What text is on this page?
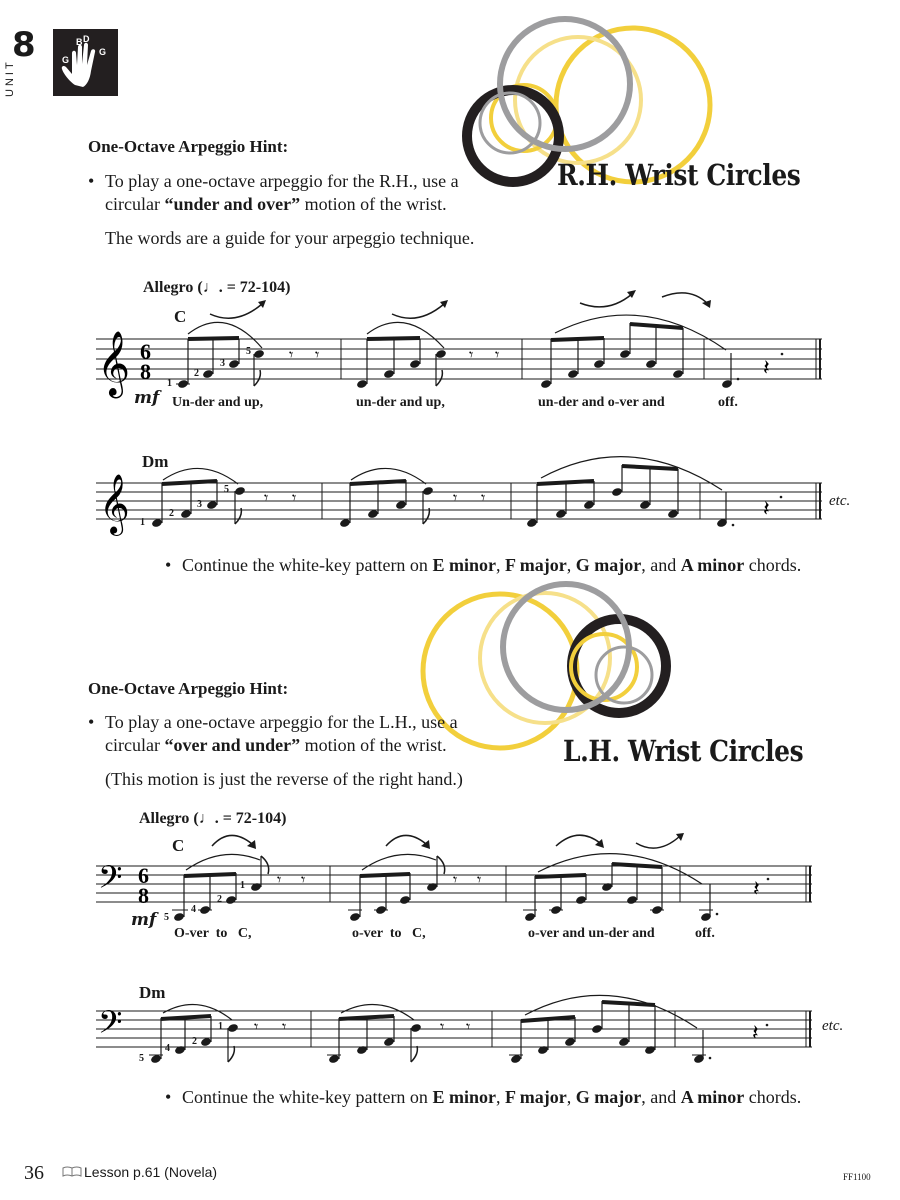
8
UNIT	G
B D
G
R.H. Wrist Circles
One-Octave Arpeggio Hint:
• To play a one-octave arpeggio for the R.H., use a
circular “under and over” motion of the wrist.
The words are a guide for your arpeggio technique.
Allegro (♩. = 72-104)
C
𝄞 6
8
𝄾 𝄾	𝄾 𝄾	𝄽
1
2
3
5
mf Un-der and up,	un-der and up,	un-der and o-ver and	off.
Dm
𝄞	𝄾 𝄾	𝄾 𝄾	𝄽
1
2
3
5
etc.
• Continue the white-key pattern on E minor, F major, G major, and A minor chords.
L.H. Wrist Circles
One-Octave Arpeggio Hint:
• To play a one-octave arpeggio for the L.H., use a
circular “over and under” motion of the wrist.
(This motion is just the reverse of the right hand.)
Allegro (♩. = 72-104)
C
𝄢 6
8
𝄾 𝄾	𝄾 𝄾	𝄽
5
4
2
1
mf
O-ver  to   C,	o-ver  to   C,	o-ver and un-der and	off.
Dm
𝄢	𝄾 𝄾	𝄾 𝄾	𝄽
5
4
2
1	etc.
• Continue the white-key pattern on E minor, F major, G major, and A minor chords.
36	Lesson p.61 (Novela)	FF1100
